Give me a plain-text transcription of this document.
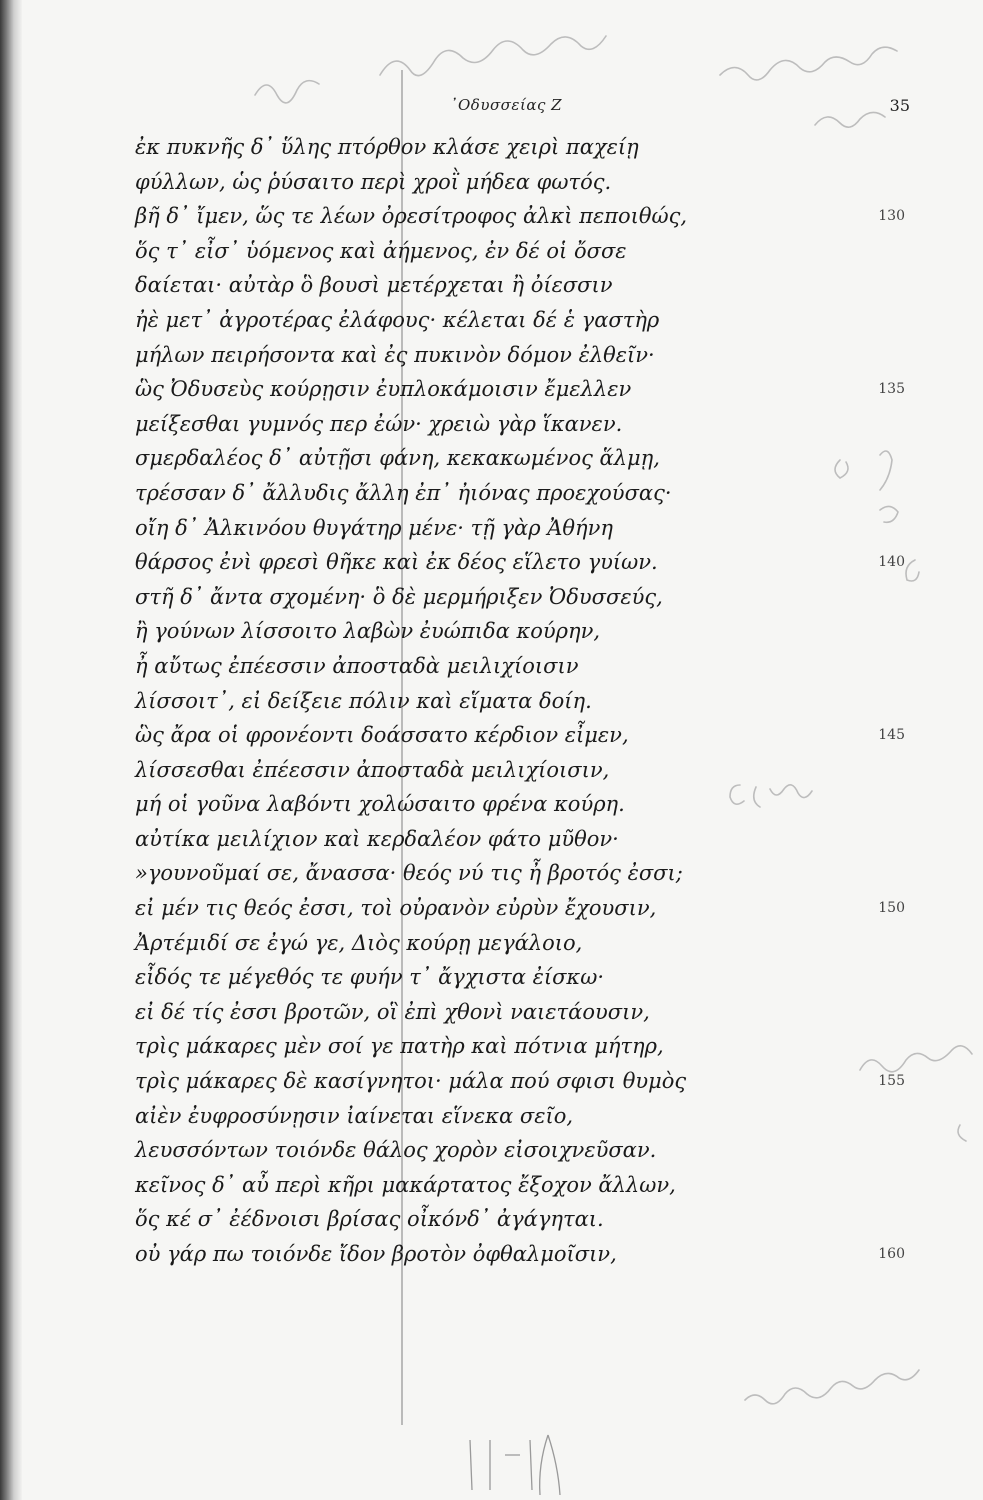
᾿Οδυσσείας Ζ	35
ἐκ πυκνῆς δ᾿ ὕλης πτόρθον κλάσε χειρὶ παχείῃ
φύλλων, ὡς ῥύσαιτο περὶ χροῒ μήδεα φωτός.
βῆ δ᾿ ἴμεν, ὥς τε λέων ὀρεσίτροφος ἀλκὶ πεποιθώς,	130
ὅς τ᾿ εἶσ᾿ ὑόμενος καὶ ἀήμενος, ἐν δέ οἱ ὄσσε
δαίεται· αὐτὰρ ὃ βουσὶ μετέρχεται ἢ ὀίεσσιν
ἠὲ μετ᾿ ἀγροτέρας ἐλάφους· κέλεται δέ ἑ γαστὴρ
μήλων πειρήσοντα καὶ ἐς πυκινὸν δόμον ἐλθεῖν·
ὣς Ὀδυσεὺς κούρῃσιν ἐυπλοκάμοισιν ἔμελλεν	135
μείξεσθαι γυμνός περ ἐών· χρειὼ γὰρ ἵκανεν.
σμερδαλέος δ᾿ αὐτῇσι φάνη, κεκακωμένος ἅλμῃ,
τρέσσαν δ᾿ ἄλλυδις ἄλλη ἐπ᾿ ἠιόνας προεχούσας·
οἴη δ᾿ Ἀλκινόου θυγάτηρ μένε· τῇ γὰρ Ἀθήνη
θάρσος ἐνὶ φρεσὶ θῆκε καὶ ἐκ δέος εἵλετο γυίων.	140
στῆ δ᾿ ἄντα σχομένη· ὃ δὲ μερμήριξεν Ὀδυσσεύς,
ἢ γούνων λίσσοιτο λαβὼν ἐυώπιδα κούρην,
ἦ αὔτως ἐπέεσσιν ἀποσταδὰ μειλιχίοισιν
λίσσοιτ᾿, εἰ δείξειε πόλιν καὶ εἵματα δοίη.
ὣς ἄρα οἱ φρονέοντι δοάσσατο κέρδιον εἶμεν,	145
λίσσεσθαι ἐπέεσσιν ἀποσταδὰ μειλιχίοισιν,
μή οἱ γοῦνα λαβόντι χολώσαιτο φρένα κούρη.
αὐτίκα μειλίχιον καὶ κερδαλέον φάτο μῦθον·
»γουνοῦμαί σε, ἄνασσα· θεός νύ τις ἦ βροτός ἐσσι;
εἰ μέν τις θεός ἐσσι, τοὶ οὐρανὸν εὐρὺν ἔχουσιν,	150
Ἀρτέμιδί σε ἐγώ γε, Διὸς κούρῃ μεγάλοιο,
εἶδός τε μέγεθός τε φυήν τ᾿ ἄγχιστα ἐίσκω·
εἰ δέ τίς ἐσσι βροτῶν, οἳ ἐπὶ χθονὶ ναιετάουσιν,
τρὶς μάκαρες μὲν σοί γε πατὴρ καὶ πότνια μήτηρ,
τρὶς μάκαρες δὲ κασίγνητοι· μάλα πού σφισι θυμὸς	155
αἰὲν ἐυφροσύνῃσιν ἰαίνεται εἵνεκα σεῖο,
λευσσόντων τοιόνδε θάλος χορὸν εἰσοιχνεῦσαν.
κεῖνος δ᾿ αὖ περὶ κῆρι μακάρτατος ἔξοχον ἄλλων,
ὅς κέ σ᾿ ἐέδνοισι βρίσας οἶκόνδ᾿ ἀγάγηται.
οὐ γάρ πω τοιόνδε ἴδον βροτὸν ὀφθαλμοῖσιν,	160
